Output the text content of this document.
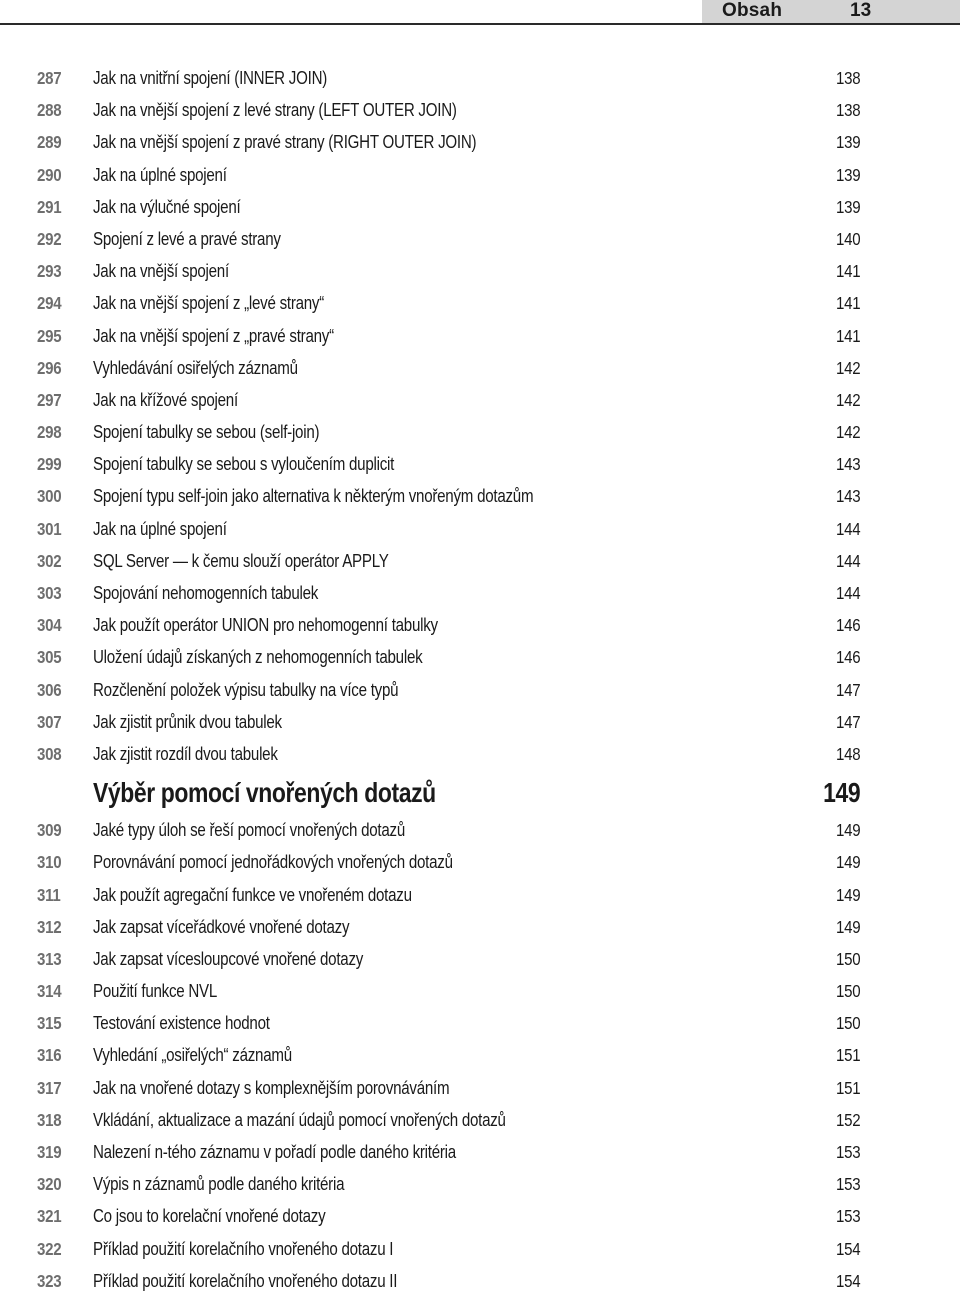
Obsah	13
287 Jak na vnitřní spojení (INNER JOIN)	138
288 Jak na vnější spojení z levé strany (LEFT OUTER JOIN)	138
289 Jak na vnější spojení z pravé strany (RIGHT OUTER JOIN)	139
290 Jak na úplné spojení	139
291 Jak na výlučné spojení	139
292 Spojení z levé a pravé strany	140
293 Jak na vnější spojení	141
294 Jak na vnější spojení z „levé strany“	141
295 Jak na vnější spojení z „pravé strany“	141
296 Vyhledávání osiřelých záznamů	142
297 Jak na křížové spojení	142
298 Spojení tabulky se sebou (self-join)	142
299 Spojení tabulky se sebou s vyloučením duplicit	143
300 Spojení typu self-join jako alternativa k některým vnořeným dotazům	143
301 Jak na úplné spojení	144
302 SQL Server — k čemu slouží operátor APPLY	144
303 Spojování nehomogenních tabulek	144
304 Jak použít operátor UNION pro nehomogenní tabulky	146
305 Uložení údajů získaných z nehomogenních tabulek	146
306 Rozčlenění položek výpisu tabulky na více typů	147
307 Jak zjistit průnik dvou tabulek	147
308 Jak zjistit rozdíl dvou tabulek	148
Výběr pomocí vnořených dotazů	149
309 Jaké typy úloh se řeší pomocí vnořených dotazů	149
310 Porovnávání pomocí jednořádkových vnořených dotazů	149
311 Jak použít agregační funkce ve vnořeném dotazu	149
312 Jak zapsat víceřádkové vnořené dotazy	149
313 Jak zapsat vícesloupcové vnořené dotazy	150
314 Použití funkce NVL	150
315 Testování existence hodnot	150
316 Vyhledání „osiřelých“ záznamů	151
317 Jak na vnořené dotazy s komplexnějším porovnáváním	151
318 Vkládání, aktualizace a mazání údajů pomocí vnořených dotazů	152
319 Nalezení n-tého záznamu v pořadí podle daného kritéria	153
320 Výpis n záznamů podle daného kritéria	153
321 Co jsou to korelační vnořené dotazy	153
322 Příklad použití korelačního vnořeného dotazu I	154
323 Příklad použití korelačního vnořeného dotazu II	154
